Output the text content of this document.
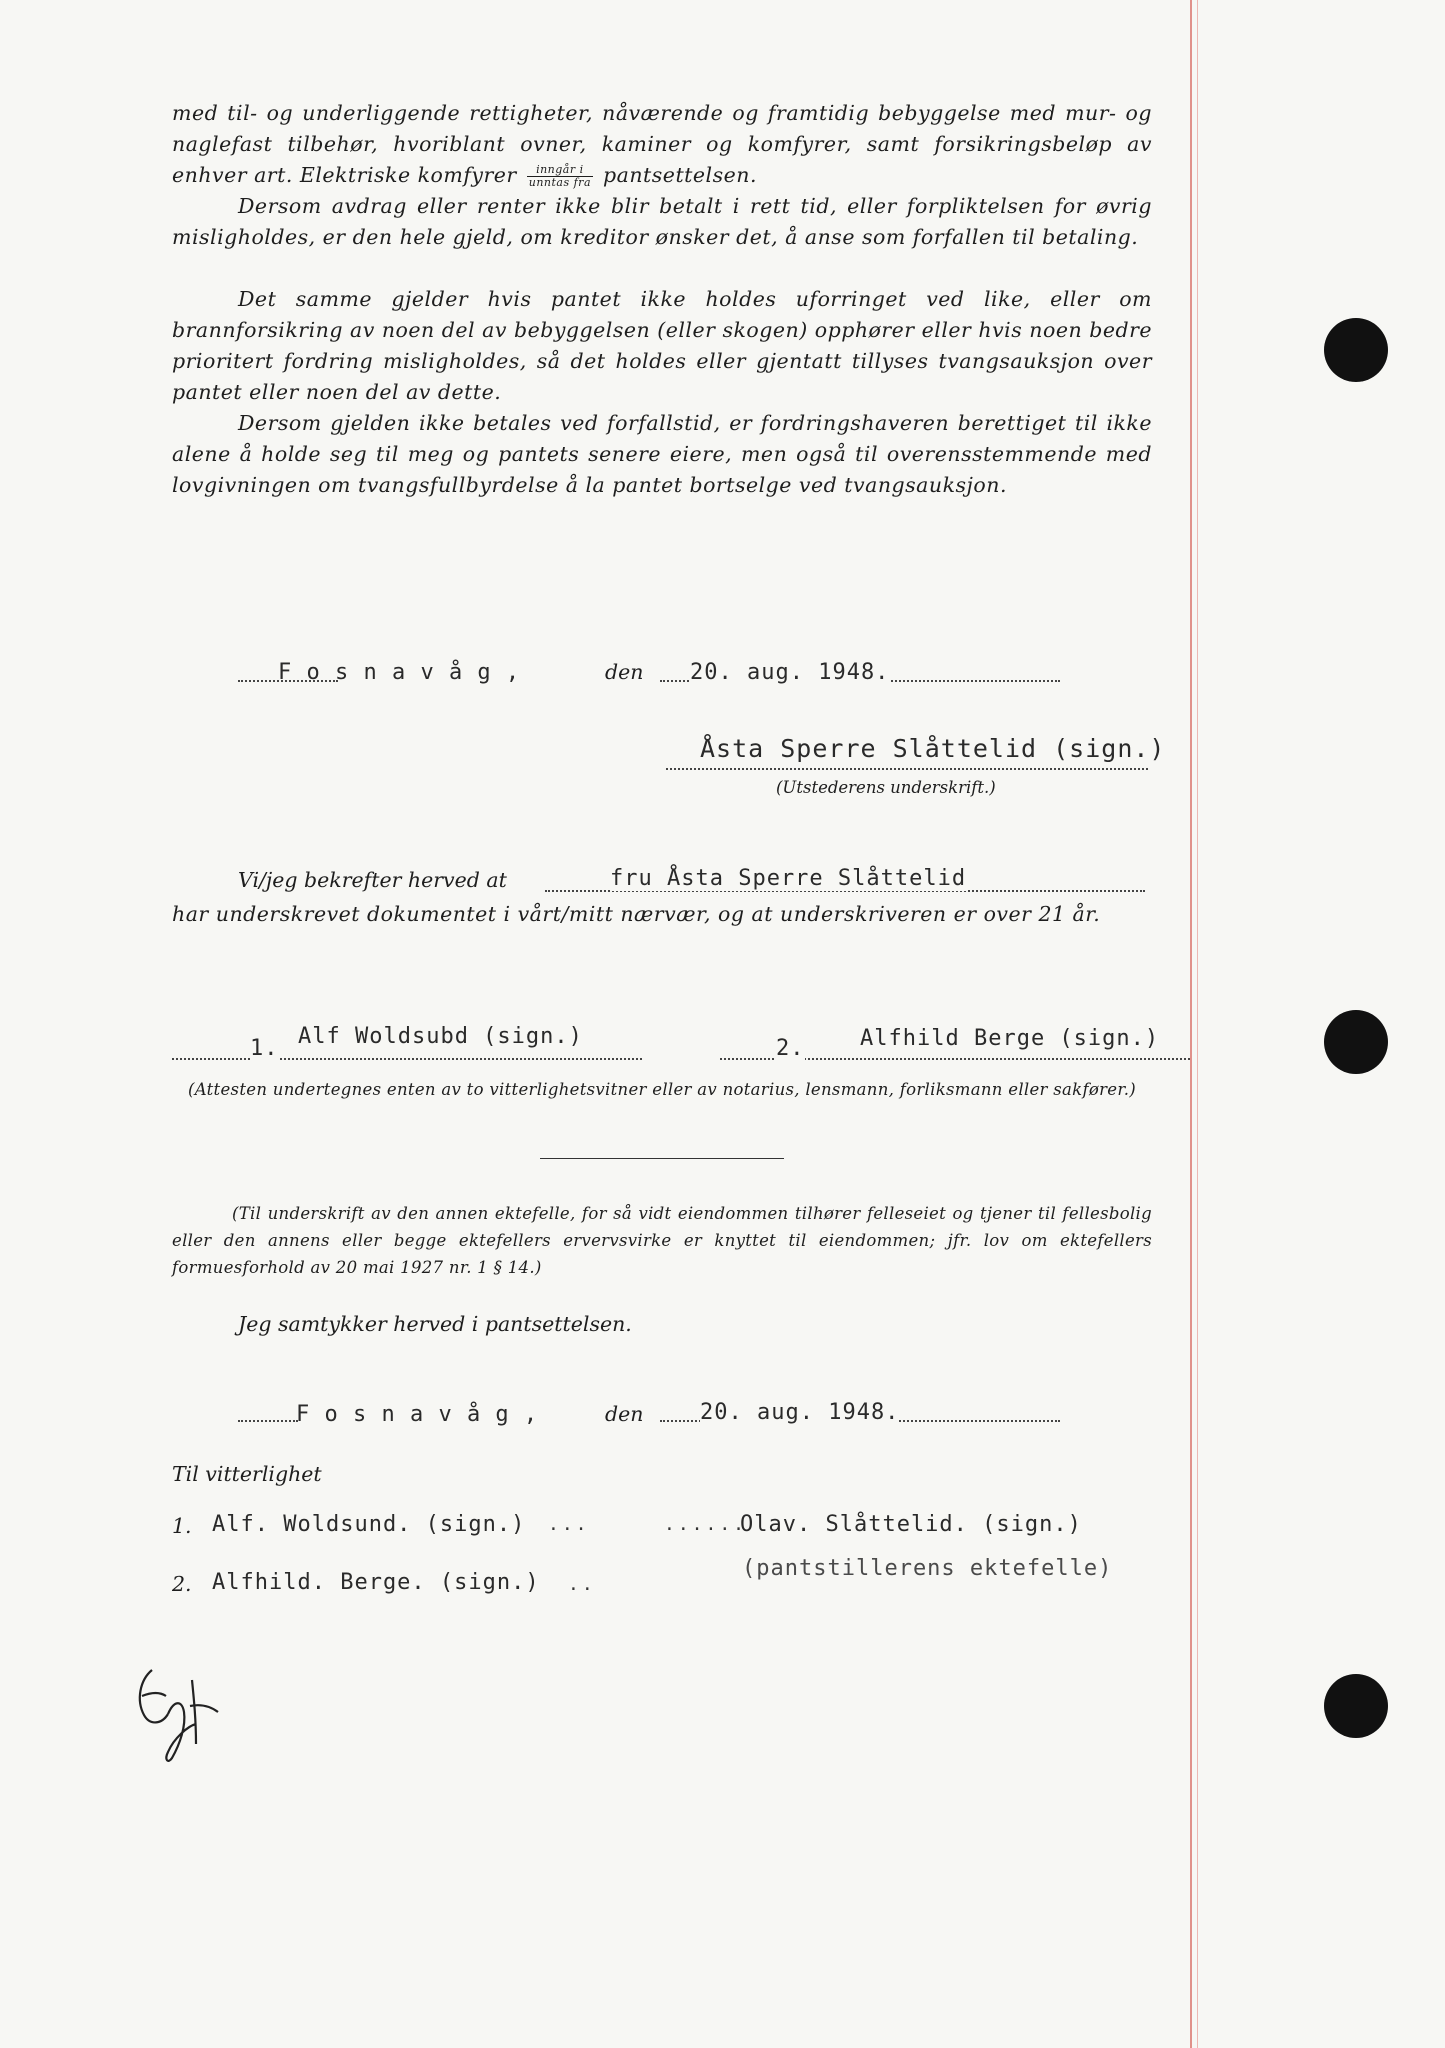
med til- og underliggende rettigheter, nåværende og framtidig bebyggelse med mur- og naglefast tilbehør, hvoriblant ovner, kaminer og komfyrer, samt forsikringsbeløp av enhver art. Elektriske komfyrer $\frac{\text{inngår i}}{\text{unntas fra}}$ pantsettelsen.
Dersom avdrag eller renter ikke blir betalt i rett tid, eller forpliktelsen for øvrig misligholdes, er den hele gjeld, om kreditor ønsker det, å anse som forfallen til betaling.
Det samme gjelder hvis pantet ikke holdes uforringet ved like, eller om brannforsikring av noen del av bebyggelsen (eller skogen) opphører eller hvis noen bedre prioritert fordring misligholdes, så det holdes eller gjentatt tillyses tvangsauksjon over pantet eller noen del av dette.
Dersom gjelden ikke betales ved forfallstid, er fordringshaveren berettiget til ikke alene å holde seg til meg og pantets senere eiere, men også til overensstemmende med lovgivningen om tvangsfullbyrdelse å la pantet bortselge ved tvangsauksjon.
F o s n a v å g ,	den 20. aug. 1948.
Åsta Sperre Slåttelid (sign.)
(Utstederens underskrift.)
Vi/jeg bekrefter herved at	fru Åsta Sperre Slåttelid
har underskrevet dokumentet i vårt/mitt nærvær, og at underskriveren er over 21 år.
1. Alf Woldsubd (sign.)	2.	Alfhild Berge (sign.)
(Attesten undertegnes enten av to vitterlighetsvitner eller av notarius, lensmann, forliksmann eller sakfører.)
(Til underskrift av den annen ektefelle, for så vidt eiendommen tilhører felleseiet og tjener til fellesbolig eller den annens eller begge ektefellers ervervsvirke er knyttet til eiendommen; jfr. lov om ektefellers formuesforhold av 20 mai 1927 nr. 1 § 14.)
Jeg samtykker herved i pantsettelsen.
F o s n a v å g ,	den	20. aug. 1948.
Til vitterlighet
1. Alf. Woldsund. (sign.) ...	......
Olav. Slåttelid. (sign.)
2. Alfhild. Berge. (sign.) ..
(pantstillerens ektefelle)
